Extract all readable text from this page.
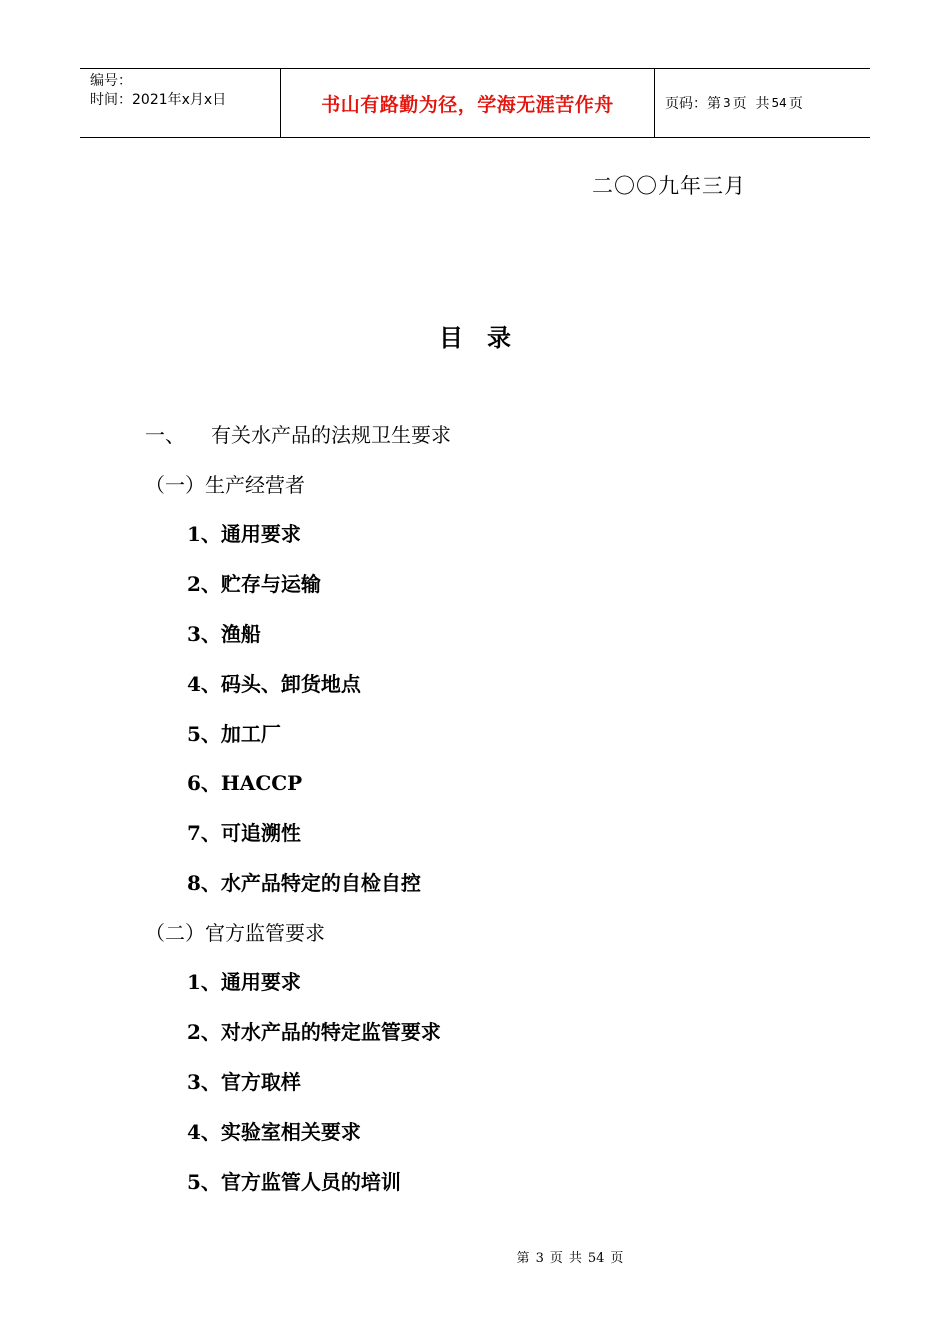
编号：
时间：2021年x月x日	书山有路勤为径，学海无涯苦作舟	页码：第 3 页  共 54 页
二〇〇九年三月
目 录
一、 有关水产品的法规卫生要求
（一）生产经营者
1、通用要求
2、贮存与运输
3、渔船
4、码头、卸货地点
5、加工厂
6、HACCP
7、可追溯性
8、水产品特定的自检自控
（二）官方监管要求
1、通用要求
2、对水产品的特定监管要求
3、官方取样
4、实验室相关要求
5、官方监管人员的培训
第 3 页 共 54 页
